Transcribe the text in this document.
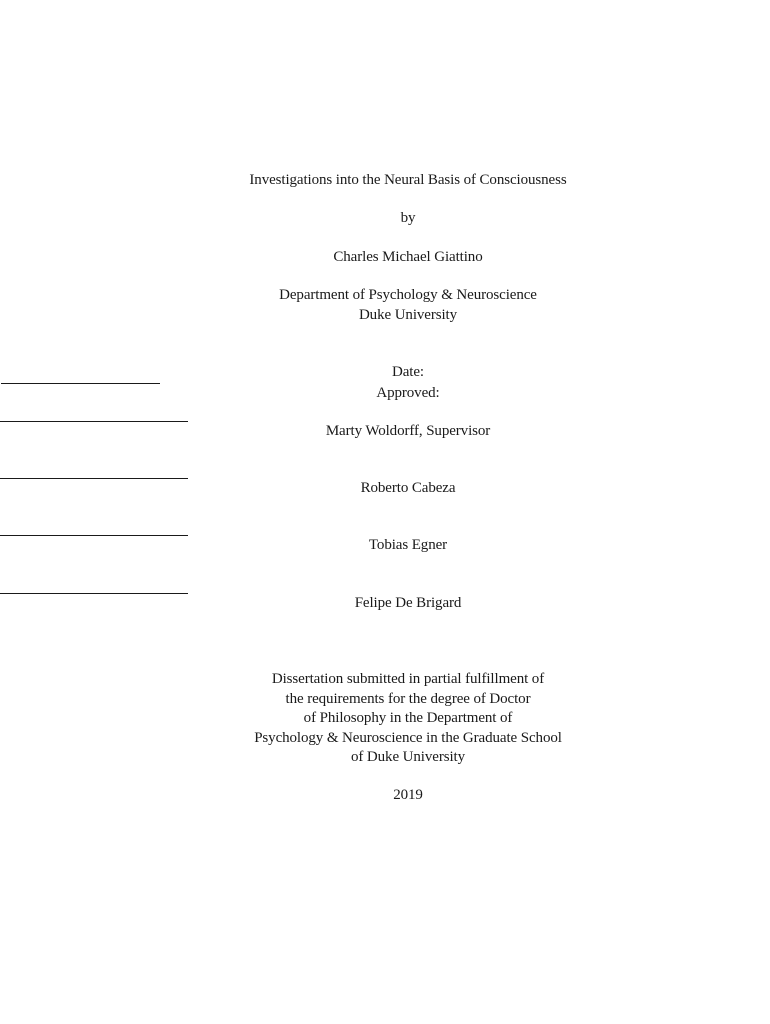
Investigations into the Neural Basis of Consciousness
by
Charles Michael Giattino
Department of Psychology & Neuroscience
Duke University
Date:
Approved:
Marty Woldorff, Supervisor
Roberto Cabeza
Tobias Egner
Felipe De Brigard
Dissertation submitted in partial fulfillment of
the requirements for the degree of Doctor
of Philosophy in the Department of
Psychology & Neuroscience in the Graduate School
of Duke University
2019
